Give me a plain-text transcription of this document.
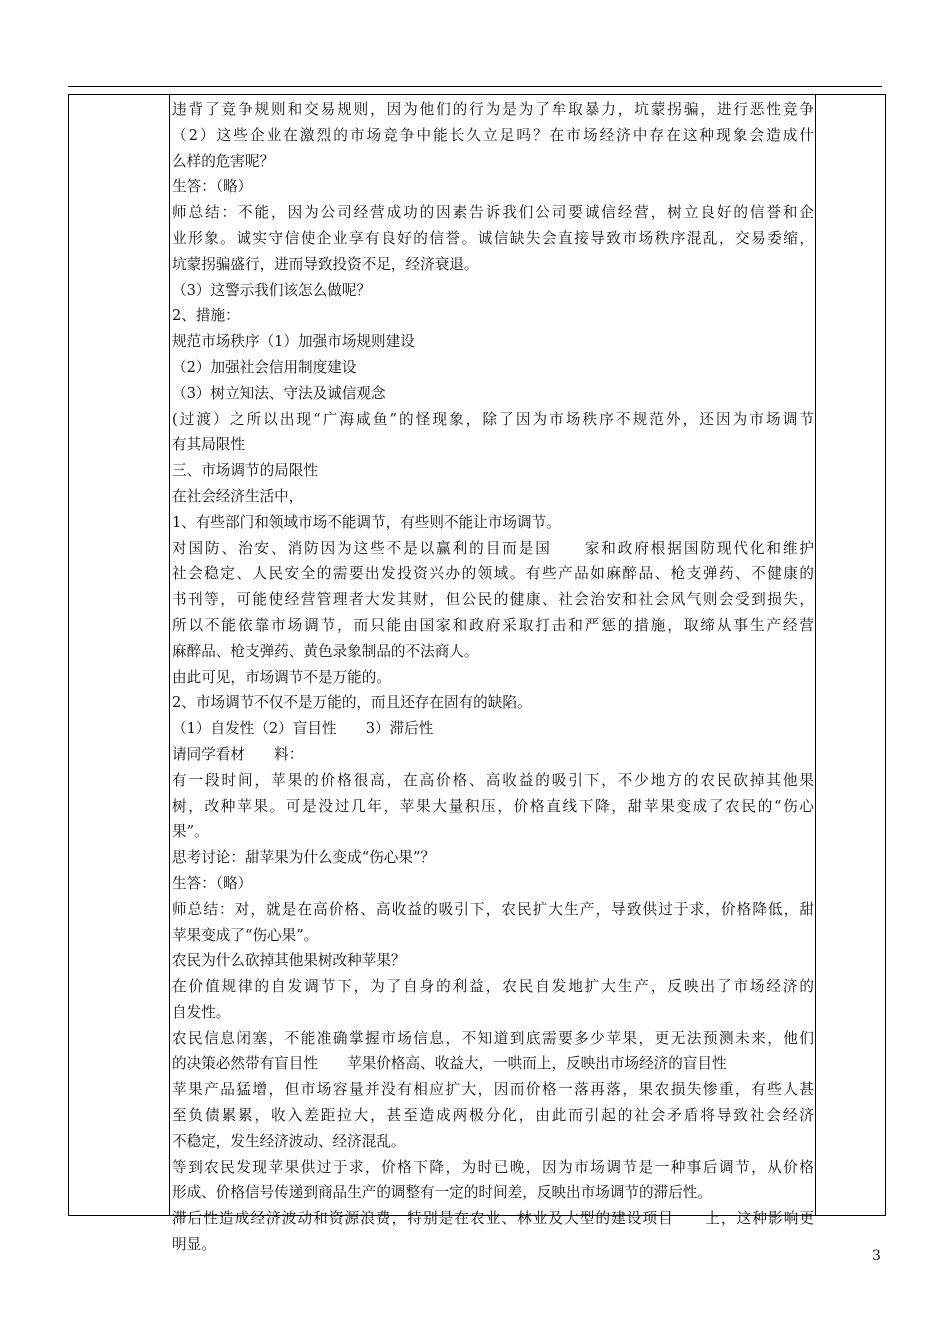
违背了竞争规则和交易规则，因为他们的行为是为了牟取暴力，坑蒙拐骗，进行恶性竞争

（2）这些企业在激烈的市场竞争中能长久立足吗？在市场经济中存在这种现象会造成什

么样的危害呢？

生答：（略）

师总结：不能，因为公司经营成功的因素告诉我们公司要诚信经营，树立良好的信誉和企

业形象。诚实守信使企业享有良好的信誉。诚信缺失会直接导致市场秩序混乱，交易委缩，

坑蒙拐骗盛行，进而导致投资不足，经济衰退。

（3）这警示我们该怎么做呢？

2、措施：

规范市场秩序（1）加强市场规则建设

（2）加强社会信用制度建设

（3）树立知法、守法及诚信观念

(过渡）之所以出现“广海咸鱼”的怪现象，除了因为市场秩序不规范外，还因为市场调节

有其局限性

三、市场调节的局限性

在社会经济生活中，

1、有些部门和领域市场不能调节，有些则不能让市场调节。

对国防、治安、消防因为这些不是以赢利的目而是国　　家和政府根据国防现代化和维护

社会稳定、人民安全的需要出发投资兴办的领域。有些产品如麻醉品、枪支弹药、不健康的

书刊等，可能使经营管理者大发其财，但公民的健康、社会治安和社会风气则会受到损失，

所以不能依靠市场调节，而只能由国家和政府采取打击和严惩的措施，取缔从事生产经营

麻醉品、枪支弹药、黄色录象制品的不法商人。

由此可见，市场调节不是万能的。

2、市场调节不仅不是万能的，而且还存在固有的缺陷。

（1）自发性（2）盲目性　　3）滞后性

请同学看材　　料：

有一段时间，苹果的价格很高，在高价格、高收益的吸引下，不少地方的农民砍掉其他果

树，改种苹果。可是没过几年，苹果大量积压，价格直线下降，甜苹果变成了农民的“伤心

果”。

思考讨论：甜苹果为什么变成“伤心果”？

生答：（略）

师总结：对，就是在高价格、高收益的吸引下，农民扩大生产，导致供过于求，价格降低，甜

苹果变成了“伤心果”。

农民为什么砍掉其他果树改种苹果？

在价值规律的自发调节下，为了自身的利益，农民自发地扩大生产，反映出了市场经济的

自发性。

农民信息闭塞，不能准确掌握市场信息，不知道到底需要多少苹果，更无法预测未来，他们

的决策必然带有盲目性　　苹果价格高、收益大，一哄而上，反映出市场经济的盲目性

苹果产品猛增，但市场容量并没有相应扩大，因而价格一落再落，果农损失惨重，有些人甚

至负债累累，收入差距拉大，甚至造成两极分化，由此而引起的社会矛盾将导致社会经济

不稳定，发生经济波动、经济混乱。

等到农民发现苹果供过于求，价格下降，为时已晚，因为市场调节是一种事后调节，从价格

形成、价格信号传递到商品生产的调整有一定的时间差，反映出市场调节的滞后性。

滞后性造成经济波动和资源浪费，特别是在农业、林业及大型的建设项目　　上，这种影响更

明显。

3
